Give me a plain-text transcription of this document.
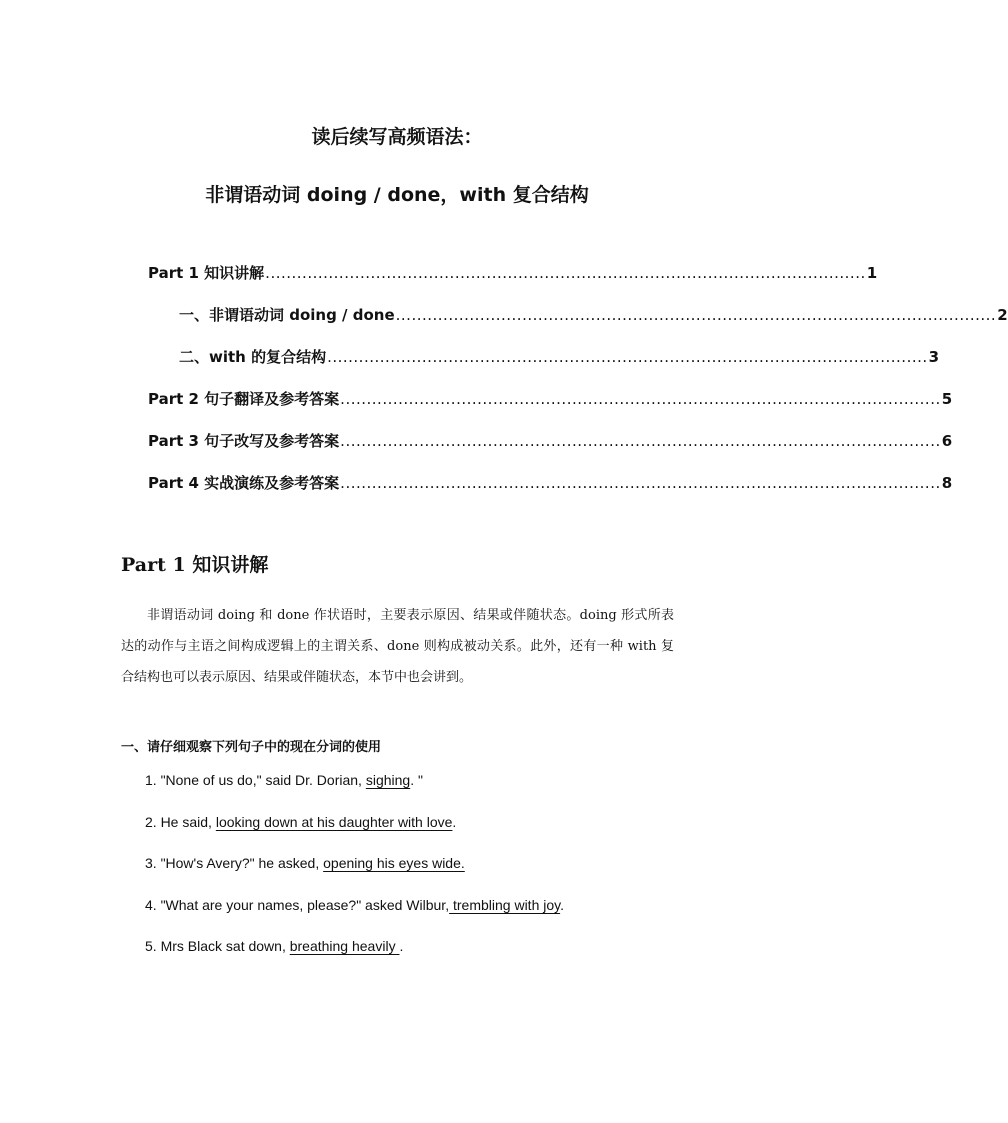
读后续写高频语法：
非谓语动词 doing / done，with 复合结构
Part 1 知识讲解 .................................................................................................................. 1
一、非谓语动词 doing / done .................................................................................................................. 2
二、with 的复合结构 .................................................................................................................. 3
Part 2 句子翻译及参考答案 .................................................................................................................. 5
Part 3 句子改写及参考答案 .................................................................................................................. 6
Part 4 实战演练及参考答案 .................................................................................................................. 8
Part 1 知识讲解
非谓语动词 doing 和 done 作状语时，主要表示原因、结果或伴随状态。doing 形式所表达的动作与主语之间构成逻辑上的主谓关系、done 则构成被动关系。此外，还有一种 with 复合结构也可以表示原因、结果或伴随状态，本节中也会讲到。
一、请仔细观察下列句子中的现在分词的使用
1. "None of us do," said Dr. Dorian, sighing. "
2. He said, looking down at his daughter with love.
3. "How's Avery?" he asked, opening his eyes wide.
4. "What are your names, please?" asked Wilbur, trembling with joy.
5. Mrs Black sat down, breathing heavily .
